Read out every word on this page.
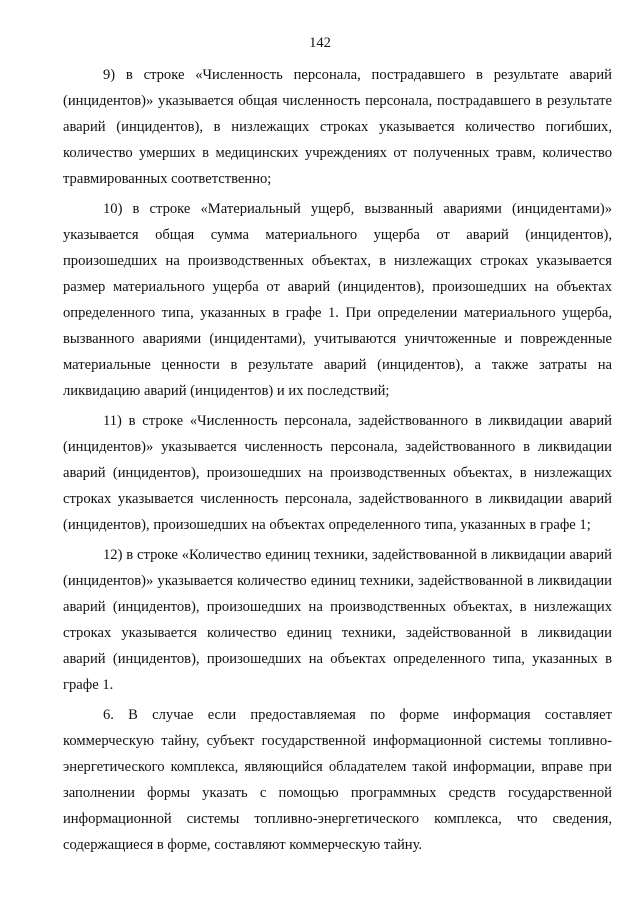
142

9) в строке «Численность персонала, пострадавшего в результате аварий (инцидентов)» указывается общая численность персонала, пострадавшего в результате аварий (инцидентов), в низлежащих строках указывается количество погибших, количество умерших в медицинских учреждениях от полученных травм, количество травмированных соответственно;

10) в строке «Материальный ущерб, вызванный авариями (инцидентами)» указывается общая сумма материального ущерба от аварий (инцидентов), произошедших на производственных объектах, в низлежащих строках указывается размер материального ущерба от аварий (инцидентов), произошедших на объектах определенного типа, указанных в графе 1. При определении материального ущерба, вызванного авариями (инцидентами), учитываются уничтоженные и поврежденные материальные ценности в результате аварий (инцидентов), а также затраты на ликвидацию аварий (инцидентов) и их последствий;

11) в строке «Численность персонала, задействованного в ликвидации аварий (инцидентов)» указывается численность персонала, задействованного в ликвидации аварий (инцидентов), произошедших на производственных объектах, в низлежащих строках указывается численность персонала, задействованного в ликвидации аварий (инцидентов), произошедших на объектах определенного типа, указанных в графе 1;

12) в строке «Количество единиц техники, задействованной в ликвидации аварий (инцидентов)» указывается количество единиц техники, задействованной в ликвидации аварий (инцидентов), произошедших на производственных объектах, в низлежащих строках указывается количество единиц техники, задействованной в ликвидации аварий (инцидентов), произошедших на объектах определенного типа, указанных в графе 1.

6. В случае если предоставляемая по форме информация составляет коммерческую тайну, субъект государственной информационной системы топливно-энергетического комплекса, являющийся обладателем такой информации, вправе при заполнении формы указать с помощью программных средств государственной информационной системы топливно-энергетического комплекса, что сведения, содержащиеся в форме, составляют коммерческую тайну.
